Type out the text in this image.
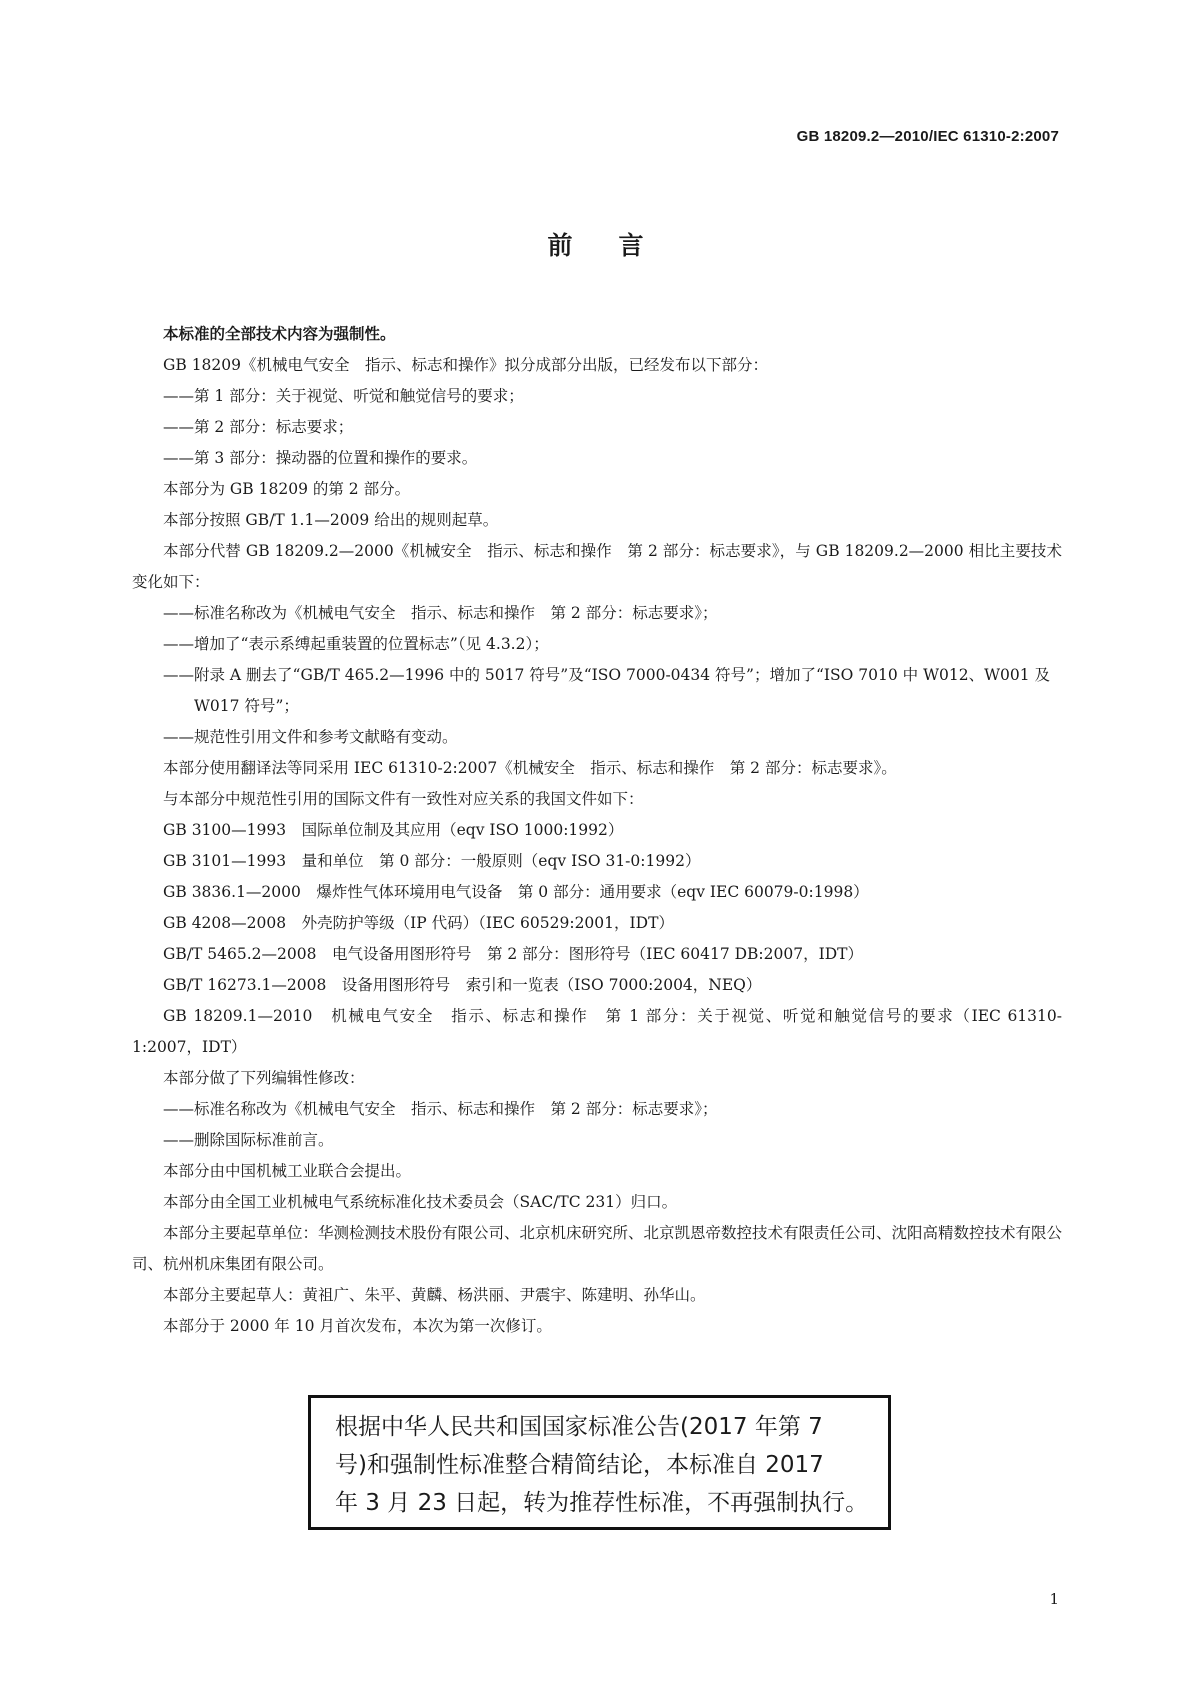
GB 18209.2—2010/IEC 61310-2:2007
前言

本标准的全部技术内容为强制性。

GB 18209《机械电气安全　指示、标志和操作》拟分成部分出版，已经发布以下部分：

——第 1 部分：关于视觉、听觉和触觉信号的要求；

——第 2 部分：标志要求；

——第 3 部分：操动器的位置和操作的要求。

本部分为 GB 18209 的第 2 部分。

本部分按照 GB/T 1.1—2009 给出的规则起草。

本部分代替 GB 18209.2—2000《机械安全　指示、标志和操作　第 2 部分：标志要求》，与 GB 18209.2—2000 相比主要技术变化如下：

——标准名称改为《机械电气安全　指示、标志和操作　第 2 部分：标志要求》；

——增加了“表示系缚起重装置的位置标志”（见 4.3.2）；

——附录 A 删去了“GB/T 465.2—1996 中的 5017 符号”及“ISO 7000-0434 符号”；增加了“ISO 7010 中 W012、W001 及 W017 符号”；

——规范性引用文件和参考文献略有变动。

本部分使用翻译法等同采用 IEC 61310-2:2007《机械安全　指示、标志和操作　第 2 部分：标志要求》。

与本部分中规范性引用的国际文件有一致性对应关系的我国文件如下：

GB 3100—1993　国际单位制及其应用（eqv ISO 1000:1992）

GB 3101—1993　量和单位　第 0 部分：一般原则（eqv ISO 31-0:1992）

GB 3836.1—2000　爆炸性气体环境用电气设备　第 0 部分：通用要求（eqv IEC 60079-0:1998）

GB 4208—2008　外壳防护等级（IP 代码）（IEC 60529:2001，IDT）

GB/T 5465.2—2008　电气设备用图形符号　第 2 部分：图形符号（IEC 60417 DB:2007，IDT）

GB/T 16273.1—2008　设备用图形符号　索引和一览表（ISO 7000:2004，NEQ）

GB 18209.1—2010　机械电气安全　指示、标志和操作　第 1 部分：关于视觉、听觉和触觉信号的要求（IEC 61310-1:2007，IDT）

本部分做了下列编辑性修改：

——标准名称改为《机械电气安全　指示、标志和操作　第 2 部分：标志要求》；

——删除国际标准前言。

本部分由中国机械工业联合会提出。

本部分由全国工业机械电气系统标准化技术委员会（SAC/TC 231）归口。

本部分主要起草单位：华测检测技术股份有限公司、北京机床研究所、北京凯恩帝数控技术有限责任公司、沈阳高精数控技术有限公司、杭州机床集团有限公司。

本部分主要起草人：黄祖广、朱平、黄麟、杨洪丽、尹震宇、陈建明、孙华山。

本部分于 2000 年 10 月首次发布，本次为第一次修订。

根据中华人民共和国国家标准公告(2017 年第 7
号)和强制性标准整合精简结论，本标准自 2017
年 3 月 23 日起，转为推荐性标准，不再强制执行。
1
